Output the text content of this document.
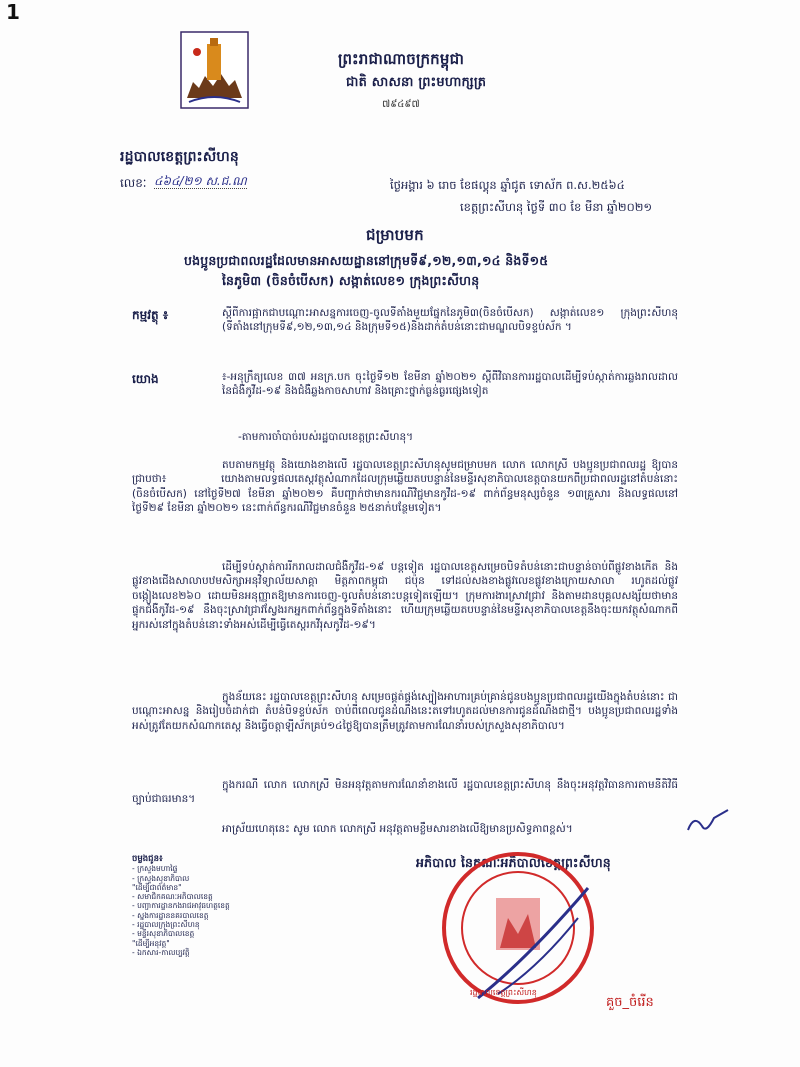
1
ព្រះរាជាណាចក្រកម្ពុជា
ជាតិ សាសនា ព្រះមហាក្សត្រ
៧៩៤៩៧
រដ្ឋបាលខេត្តព្រះសីហនុ
លេខៈ ៤៦៤/២១ ស.ជ.ណ	ថ្ងៃអង្គារ ៦ រោច ខែផល្គុន ឆ្នាំជូត ទោស័ក ព.ស.២៥៦៤
ខេត្តព្រះសីហនុ ថ្ងៃទី ៣០ ខែ មីនា ឆ្នាំ២០២១
ជម្រាបមក
បងប្អូនប្រជាពលរដ្ឋដែលមានអាសយដ្ឋាននៅក្រុមទី៩,១២,១៣,១៤ និងទី១៥
នៃភូមិ៣ (ចិនចំបើសក) សង្កាត់លេខ១ ក្រុងព្រះសីហនុ
កម្មវត្ថុ ៖	ស្តីពីការផ្អាកជាបណ្តោះអាសន្នការចេញ-ចូលទីតាំងមួយផ្នែកនៃភូមិ៣(ចិនចំបើសក) សង្កាត់លេខ១ ក្រុងព្រះសីហនុ (ទីតាំងនៅក្រុមទី៩,១២,១៣,១៤ និងក្រុមទី១៥)និងដាក់តំបន់នោះជាមណ្ឌលបិទខ្ទប់ស័ក ។
យោង	៖-អនុក្រឹត្យលេខ ៣៧ អនក្រ.បក ចុះថ្ងៃទី១២ ខែមីនា ឆ្នាំ២០២១ ស្តីពីវិធានការរដ្ឋបាលដើម្បីទប់ស្កាត់ការឆ្លងរាលដាលនៃជំងឺកូវីដ-១៩ និងជំងឺឆ្លងកាចសាហាវ និងគ្រោះថ្នាក់ធ្ងន់ធ្ងរផ្សេងទៀត
-តាមការចាំបាច់របស់រដ្ឋបាលខេត្តព្រះសីហនុ។
តបតាមកម្មវត្ថុ និងយោងខាងលើ រដ្ឋបាលខេត្តព្រះសីហនុសូមជម្រាបមក លោក លោកស្រី បងប្អូនប្រជាពលរដ្ឋ ឱ្យបានជ្រាបថា៖ យោងតាមលទ្ធផលតេស្តវត្ថុសំណាកដែលក្រុមឆ្លើយតបបន្ទាន់នៃមន្ទីរសុខាភិបាលខេត្តបានយកពីប្រជាពលរដ្ឋនៅតំបន់នោះ (ចិនចំបើសក) នៅថ្ងៃទី២៧ ខែមីនា ឆ្នាំ២០២១ គឺបញ្ជាក់ថាមានករណីវិជ្ជមានកូវីដ-១៩ ពាក់ព័ន្ធមនុស្សចំនួន ១៣គ្រួសារ និងលទ្ធផលនៅថ្ងៃទី២៩ ខែមីនា ឆ្នាំ២០២១ នេះពាក់ព័ន្ធករណីវិជ្ជមានចំនួន ២៥នាក់បន្ថែមទៀត។
ដើម្បីទប់ស្កាត់ការរីករាលដាលជំងឺកូវីដ-១៩ បន្តទៀត រដ្ឋបាលខេត្តសម្រេចបិទតំបន់នោះជាបន្ទាន់ចាប់ពីផ្លូវខាងកើត និងផ្លូវខាងជើងសាលាបឋមសិក្សាអនុវិទ្យាល័យសាគ្គា មិត្តភាពកម្ពុជា ជប៉ុន ទៅដល់សងខាងផ្លូវលេខផ្លូវខាងក្រោយសាលា រហូតដល់ផ្លូវចង្កៀងលេខ២៦០ ដោយមិនអនុញ្ញាតឱ្យមានការចេញ-ចូលតំបន់នោះបន្តទៀតឡើយ។ ក្រុមការងារស្រាវជ្រាវ និងតាមដានបុគ្គលសង្ស័យថាមានផ្ទុកជំងឺកូវីដ-១៩ នឹងចុះស្រាវជ្រាវស្វែងរកអ្នកពាក់ព័ន្ធក្នុងទីតាំងនោះ ហើយក្រុមឆ្លើយតបបន្ទាន់នៃមន្ទីរសុខាភិបាលខេត្តនឹងចុះយកវត្ថុសំណាកពីអ្នករស់នៅក្នុងតំបន់នោះទាំងអស់ដើម្បីធ្វើតេស្តរកវីរុសកូវីដ-១៩។
ក្នុងន័យនេះ រដ្ឋបាលខេត្តព្រះសីហនុ សម្រេចផ្គត់ផ្គង់ស្បៀងអាហារគ្រប់គ្រាន់ជូនបងប្អូនប្រជាពលរដ្ឋយើងក្នុងតំបន់នោះ ជាបណ្តោះអាសន្ន និងរៀបចំដាក់ជា តំបន់បិទខ្ទប់ស័ក ចាប់ពីពេលជូនដំណឹងនេះតទៅរហូតដល់មានការជូនដំណឹងជាថ្មី។ បងប្អូនប្រជាពលរដ្ឋទាំងអស់ត្រូវតែយកសំណាកតេស្ត និងធ្វើចត្តាឡីស័កគ្រប់១៤ថ្ងៃឱ្យបានត្រឹមត្រូវតាមការណែនាំរបស់ក្រសួងសុខាភិបាល។
ក្នុងករណី លោក លោកស្រី មិនអនុវត្តតាមការណែនាំខាងលើ រដ្ឋបាលខេត្តព្រះសីហនុ នឹងចុះអនុវត្តវិធានការតាមនីតិវិធីច្បាប់ជាធរមាន។
អាស្រ័យហេតុនេះ សូម លោក លោកស្រី អនុវត្តតាមខ្លឹមសារខាងលើឱ្យមានប្រសិទ្ធភាពខ្ពស់។
អភិបាល នៃគណៈអភិបាលខេត្តព្រះសីហនុ
រដ្ឋបាលខេត្តព្រះសីហនុ
គួច_ចំរើន
ចម្លងជូន៖
- ក្រសួងមហាផ្ទៃ
- ក្រសួងសុខាភិបាល
"ដើម្បីជាព័ត៌មាន"
- សមាជិកគណៈអភិបាលខេត្ត
- បញ្ជាការដ្ឋានកងរាជអាវុធហត្ថខេត្ត
- ស្នងការដ្ឋាននគរបាលខេត្ត
- រដ្ឋបាលក្រុងព្រះសីហនុ
- មន្ទីរសុខាភិបាលខេត្ត
"ដើម្បីអនុវត្ត"
- ឯកសារ-កាលប្បវត្តិ
